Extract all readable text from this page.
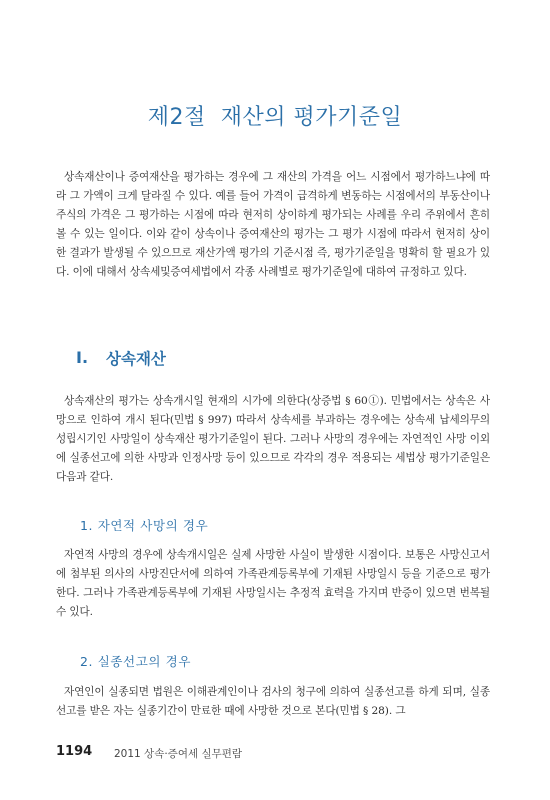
제2절  재산의 평가기준일

상속재산이나 증여재산을 평가하는 경우에 그 재산의 가격을 어느 시점에서 평가하느냐에 따라 그 가액이 크게 달라질 수 있다. 예를 들어 가격이 급격하게 변동하는 시점에서의 부동산이나 주식의 가격은 그 평가하는 시점에 따라 현저히 상이하게 평가되는 사례를 우리 주위에서 흔히 볼 수 있는 일이다. 이와 같이 상속이나 증여재산의 평가는 그 평가 시점에 따라서 현저히 상이한 결과가 발생될 수 있으므로 재산가액 평가의 기준시점 즉, 평가기준일을 명확히 할 필요가 있다. 이에 대해서 상속세및증여세법에서 각종 사례별로 평가기준일에 대하여 규정하고 있다.

Ⅰ. 상속재산

상속재산의 평가는 상속개시일 현재의 시가에 의한다(상증법 § 60①). 민법에서는 상속은 사망으로 인하여 개시 된다(민법 § 997) 따라서 상속세를 부과하는 경우에는 상속세 납세의무의 성립시기인 사망일이 상속재산 평가기준일이 된다. 그러나 사망의 경우에는 자연적인 사망 이외에 실종선고에 의한 사망과 인정사망 등이 있으므로 각각의 경우 적용되는 세법상 평가기준일은 다음과 같다.

1. 자연적 사망의 경우

자연적 사망의 경우에 상속개시일은 실제 사망한 사실이 발생한 시점이다. 보통은 사망신고서에 첨부된 의사의 사망진단서에 의하여 가족관계등록부에 기재된 사망일시 등을 기준으로 평가한다. 그러나 가족관계등록부에 기재된 사망일시는 추정적 효력을 가지며 반증이 있으면 번복될 수 있다.

2. 실종선고의 경우

자연인이 실종되면 법원은 이해관계인이나 검사의 청구에 의하여 실종선고를 하게 되며, 실종선고를 받은 자는 실종기간이 만료한 때에 사망한 것으로 본다(민법 § 28). 그

1194 2011 상속·증여세 실무편람
